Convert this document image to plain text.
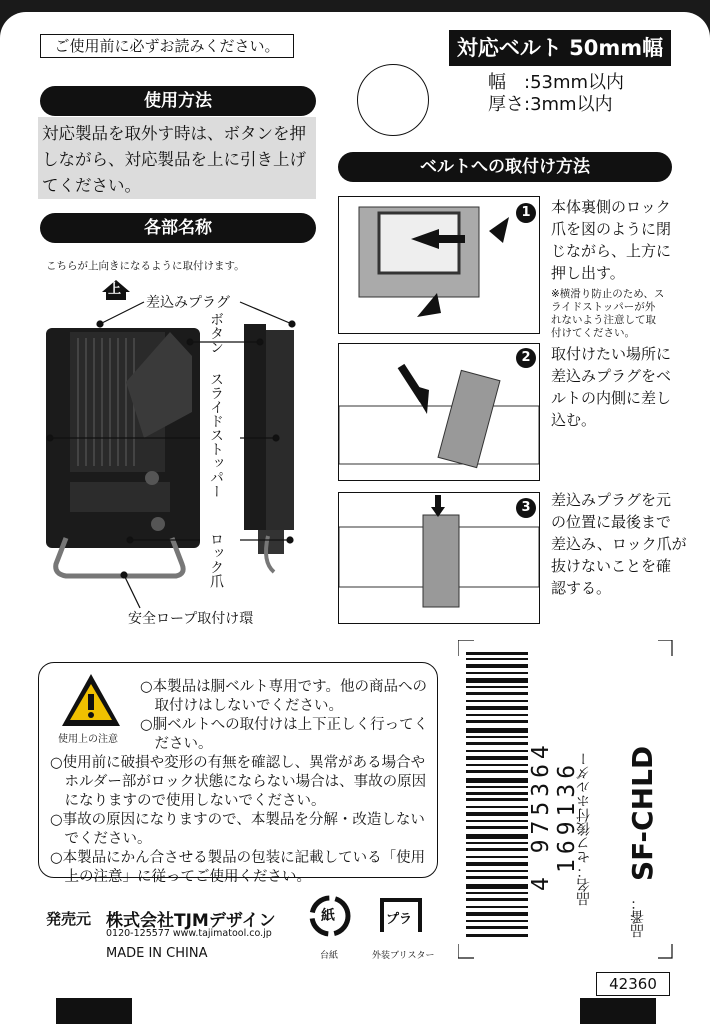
ご使用前に必ずお読みください。	対応ベルト 50mm幅
幅　:53mm以内
厚さ:3mm以内
使用方法
対応製品を取外す時は、ボタンを押
しながら、対応製品を上に引き上げ
てください。
各部名称
こちらが上向きになるように取付けます。
上
差込みプラグ
ボタン
スライドストッパー
ロック爪
安全ロープ取付け環
ベルトへの取付け方法
1	本体裏側のロック
爪を図のように閉
じながら、上方に
押し出す。
※横滑り防止のため、ス
ライドストッパーが外
れないよう注意して取
付けてください。
2	取付けたい場所に
差込みプラグをベ
ルトの内側に差し
込む。
3	差込みプラグを元
の位置に最後まで
差込み、ロック爪が
抜けないことを確
認する。
使用上の注意
○本製品は胴ベルト専用です。他の商品への
　取付けはしないでください。
○胴ベルトへの取付けは上下正しく行ってく
　ださい。
○使用前に破損や変形の有無を確認し、異常がある場合や
　ホルダー部がロック状態にならない場合は、事故の原因
　になりますので使用しないでください。
○事故の原因になりますので、本製品を分解・改造しない
　でください。
○本製品にかん合させる製品の包装に記載している「使用
　上の注意」に従ってご使用ください。
発売元 株式会社TJMデザイン
0120-125577 www.tajimatool.co.jp
MADE IN CHINA
紙
台紙
プラ
外装ブリスター
4 975364 169136
品名：セフ後付ホルダー
品番：
SF-CHLD
42360
